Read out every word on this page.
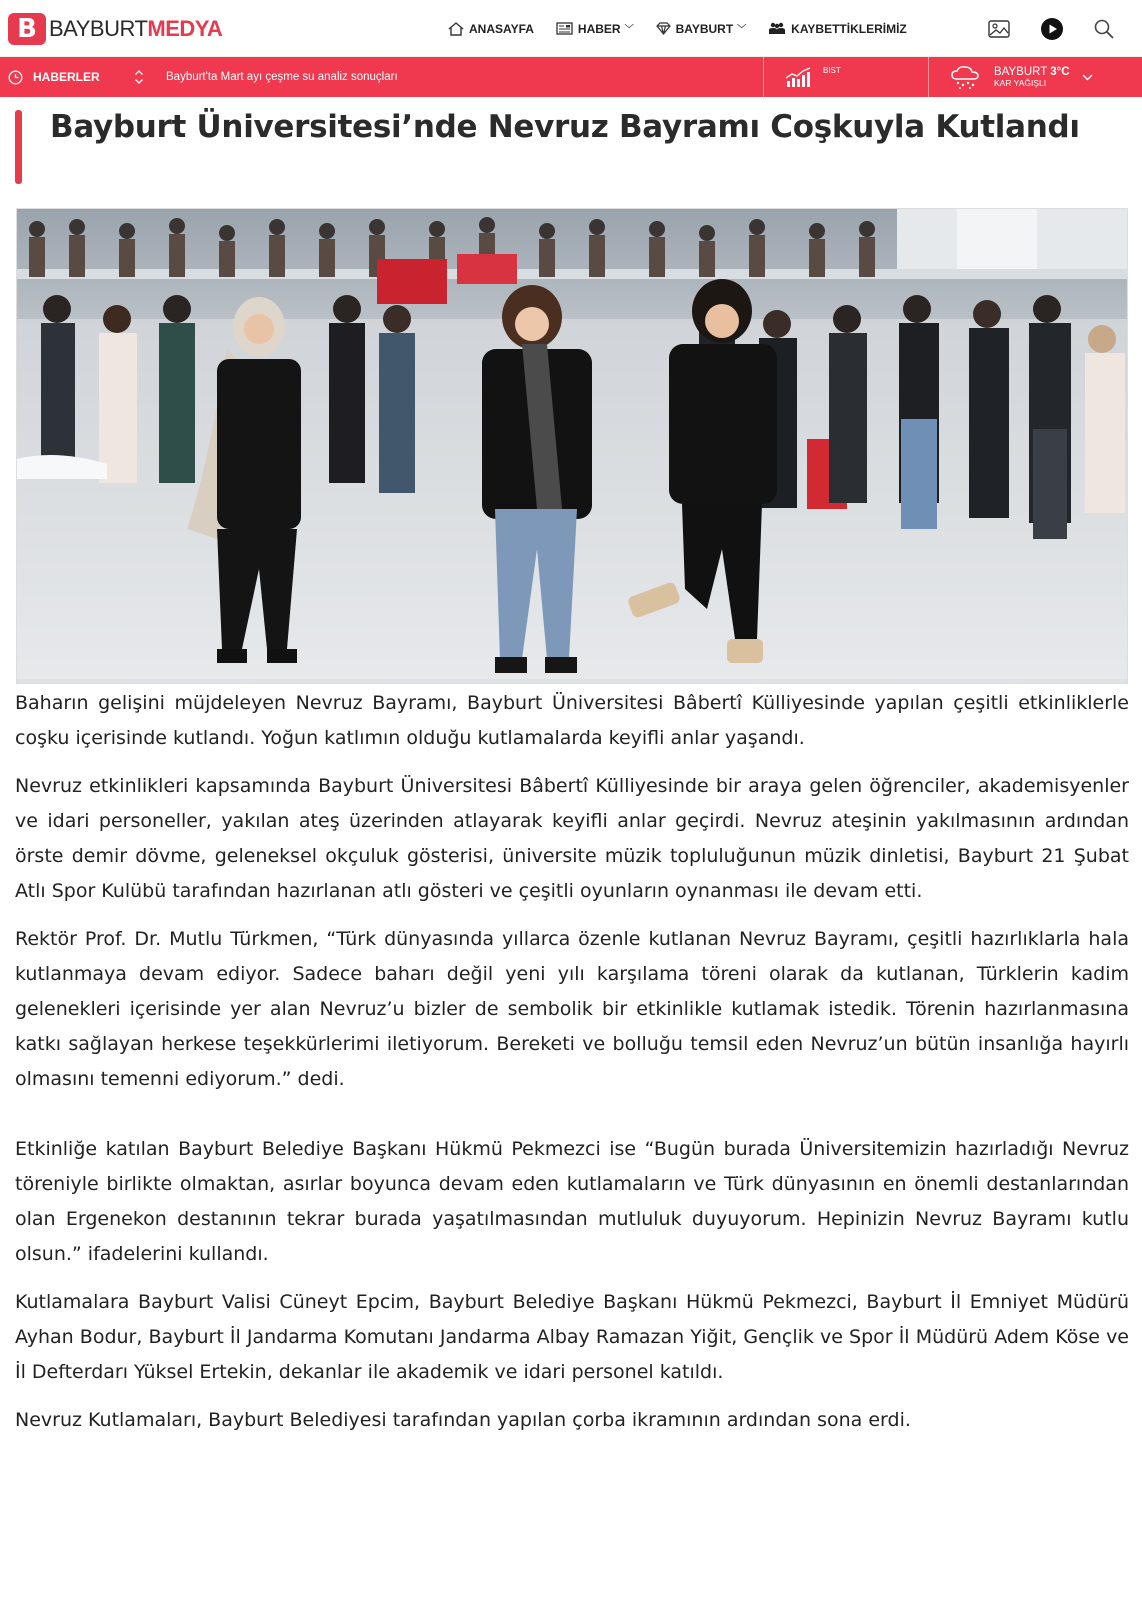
B BAYBURTMEDYA	ANASAYFA	HABER ﹀	BAYBURT ﹀	KAYBETTİKLERİMİZ
HABERLER	Bayburt'ta Mart ayı çeşme su analiz sonuçları
BIST	BAYBURT 3°C
KAR YAĞIŞLI
Bayburt Üniversitesi’nde Nevruz Bayramı Coşkuyla Kutlandı

Baharın gelişini müjdeleyen Nevruz Bayramı, Bayburt Üniversitesi Bâbertî Külliyesinde yapılan çeşitli etkinliklerle coşku içerisinde kutlandı. Yoğun katlımın olduğu kutlamalarda keyifli anlar yaşandı.

Nevruz etkinlikleri kapsamında Bayburt Üniversitesi Bâbertî Külliyesinde bir araya gelen öğrenciler, akademisyenler ve idari personeller, yakılan ateş üzerinden atlayarak keyifli anlar geçirdi. Nevruz ateşinin yakılmasının ardından örste demir dövme, geleneksel okçuluk gösterisi, üniversite müzik topluluğunun müzik dinletisi, Bayburt 21 Şubat Atlı Spor Kulübü tarafından hazırlanan atlı gösteri ve çeşitli oyunların oynanması ile devam etti.

Rektör Prof. Dr. Mutlu Türkmen, “Türk dünyasında yıllarca özenle kutlanan Nevruz Bayramı, çeşitli hazırlıklarla hala kutlanmaya devam ediyor. Sadece baharı değil yeni yılı karşılama töreni olarak da kutlanan, Türklerin kadim gelenekleri içerisinde yer alan Nevruz’u bizler de sembolik bir etkinlikle kutlamak istedik. Törenin hazırlanmasına katkı sağlayan herkese teşekkürlerimi iletiyorum. Bereketi ve bolluğu temsil eden Nevruz’un bütün insanlığa hayırlı olmasını temenni ediyorum.” dedi.

Etkinliğe katılan Bayburt Belediye Başkanı Hükmü Pekmezci ise “Bugün burada Üniversitemizin hazırladığı Nevruz töreniyle birlikte olmaktan, asırlar boyunca devam eden kutlamaların ve Türk dünyasının en önemli destanlarından olan Ergenekon destanının tekrar burada yaşatılmasından mutluluk duyuyorum. Hepinizin Nevruz Bayramı kutlu olsun.” ifadelerini kullandı.

Kutlamalara Bayburt Valisi Cüneyt Epcim, Bayburt Belediye Başkanı Hükmü Pekmezci, Bayburt İl Emniyet Müdürü Ayhan Bodur, Bayburt İl Jandarma Komutanı Jandarma Albay Ramazan Yiğit, Gençlik ve Spor İl Müdürü Adem Köse ve İl Defterdarı Yüksel Ertekin, dekanlar ile akademik ve idari personel katıldı.

Nevruz Kutlamaları, Bayburt Belediyesi tarafından yapılan çorba ikramının ardından sona erdi.
